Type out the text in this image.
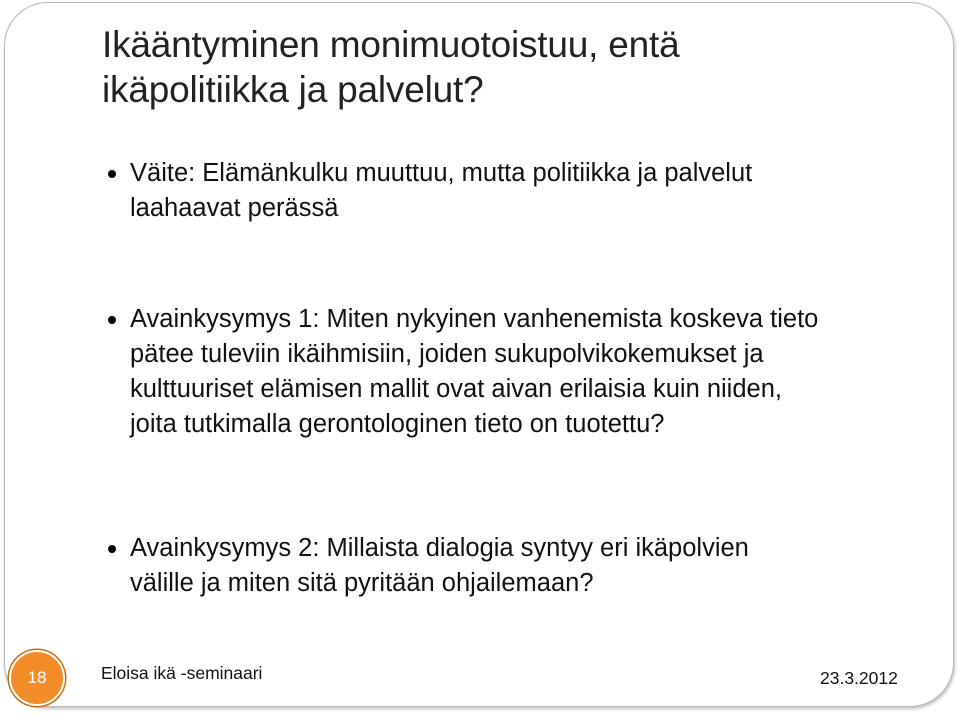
Ikääntyminen monimuotoistuu, entä
ikäpolitiikka ja palvelut?
Väite: Elämänkulku muuttuu, mutta politiikka ja palvelut
laahaavat perässä
Avainkysymys 1: Miten nykyinen vanhenemista koskeva tieto
pätee tuleviin ikäihmisiin, joiden sukupolvikokemukset ja
kulttuuriset elämisen mallit ovat aivan erilaisia kuin niiden,
joita tutkimalla gerontologinen tieto on tuotettu?
Avainkysymys 2: Millaista dialogia syntyy eri ikäpolvien
välille ja miten sitä pyritään ohjailemaan?
18	Eloisa ikä -seminaari	23.3.2012
